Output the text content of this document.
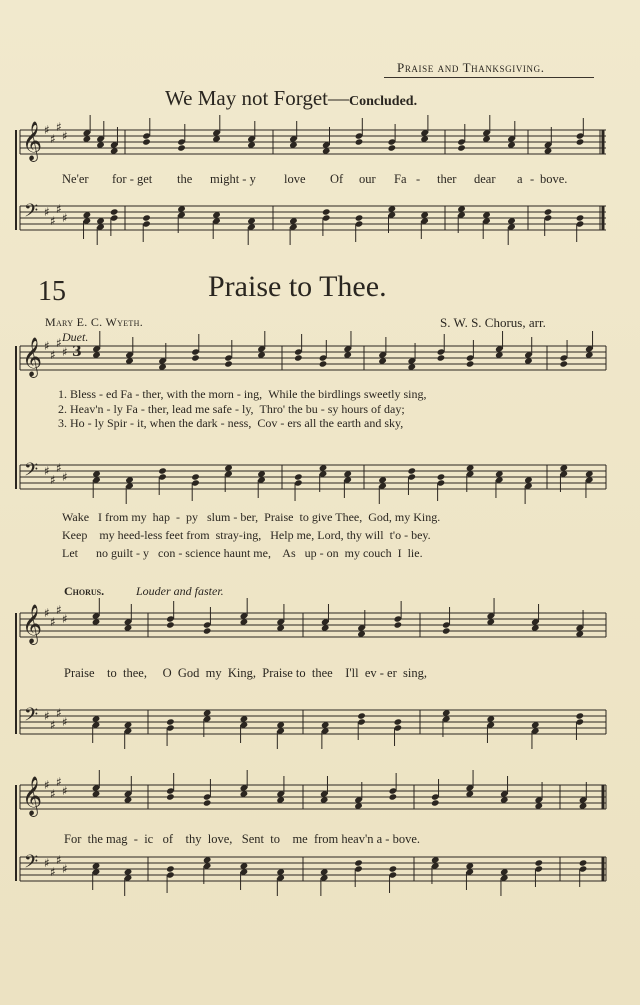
Praise and Thanksgiving.
We May not Forget—Concluded.
15	Praise to Thee.
Mary E. C. Wyeth.	S. W. S. Chorus, arr.
Duet.
Chorus.	Louder and faster.
Ne'er for - get the might - y love Of our Fa - ther dear a - bove.
1. Bless - ed Fa - ther, with the morn - ing, While the birdlings sweetly sing,
2. Heav'n - ly Fa - ther, lead me safe - ly, Thro' the bu - sy hours of day;
3. Ho - ly Spir - it, when the dark - ness, Cov - ers all the earth and sky,
Wake   I from my  hap  -  py   slum - ber,  Praise  to give Thee,  God, my King.
Keep    my heed-less feet from  stray-ing,   Help me, Lord, thy will  t'o - bey.
Let      no guilt - y   con - science haunt me,    As   up - on  my couch  I  lie.
Praise    to  thee,     O  God  my  King,  Praise to  thee    I'll  ev - er  sing,
For  the mag  -  ic   of    thy  love,   Sent  to    me  from heav'n a - bove.
𝄞
𝄢
♯
♯
♯
♯
♯
♯
♯
♯
𝄞
𝄢
♯
♯
♯
♯
♯
♯
♯
♯
𝄞
𝄢
♯
♯
♯
♯
♯
♯
♯
♯
𝄞
𝄢
♯
♯
♯
♯
♯
♯
♯
♯
3
